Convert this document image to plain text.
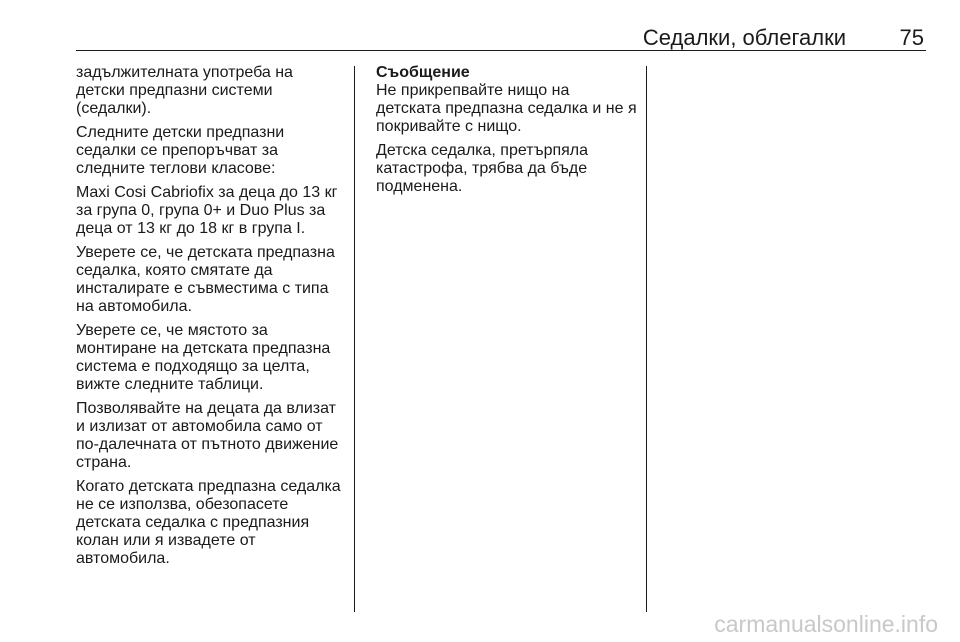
Седалки, облегалки 75

задължителната употреба на детски предпазни системи (седалки).

Следните детски предпазни седалки се препоръчват за следните теглови класове:

Maxi Cosi Cabriofix за деца до 13 кг за група 0, група 0+ и Duo Plus за деца от 13 кг до 18 кг в група I.

Уверете се, че детската предпазна седалка, която смятате да инсталирате е съвместима с типа на автомобила.

Уверете се, че мястото за монтиране на детската предпазна система е подходящо за целта, вижте следните таблици.

Позволявайте на децата да влизат и излизат от автомобила само от по-далечната от пътното движение страна.

Когато детската предпазна седалка не се използва, обезопасете детската седалка с предпазния колан или я извадете от автомобила.

Съобщение

Не прикрепвайте нищо на детската предпазна седалка и не я покривайте с нищо.

Детска седалка, претърпяла катастрофа, трябва да бъде подменена.

carmanualsonline.info
